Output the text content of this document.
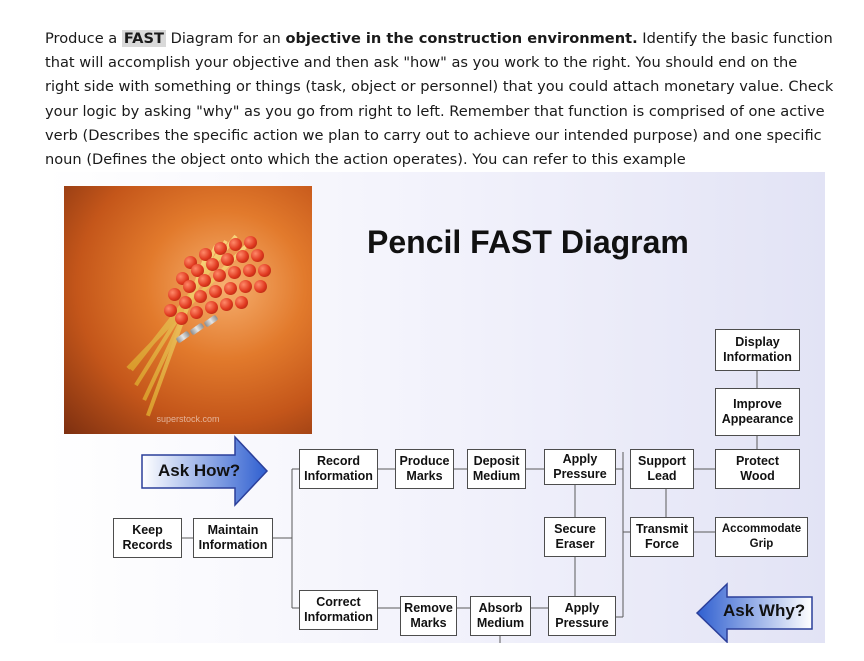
Produce a FAST Diagram for an objective in the construction environment. Identify the basic function that will accomplish your objective and then ask "how" as you work to the right. You should end on the right side with something or things (task, object or personnel) that you could attach monetary value. Check your logic by asking "why" as you go from right to left. Remember that function is comprised of one active verb (Describes the specific action we plan to carry out to achieve our intended purpose) and one specific noun (Defines the object onto which the action operates). You can refer to this example

superstock.com
Pencil FAST Diagram
Ask How?
Ask Why?
Keep
Records
Maintain
Information
Record
Information
Produce
Marks
Deposit
Medium
Apply
Pressure
Support
Lead
Protect
Wood
Improve
Appearance
Display
Information
Secure
Eraser
Transmit
Force
Accommodate
Grip
Correct
Information
Remove
Marks
Absorb
Medium
Apply
Pressure
